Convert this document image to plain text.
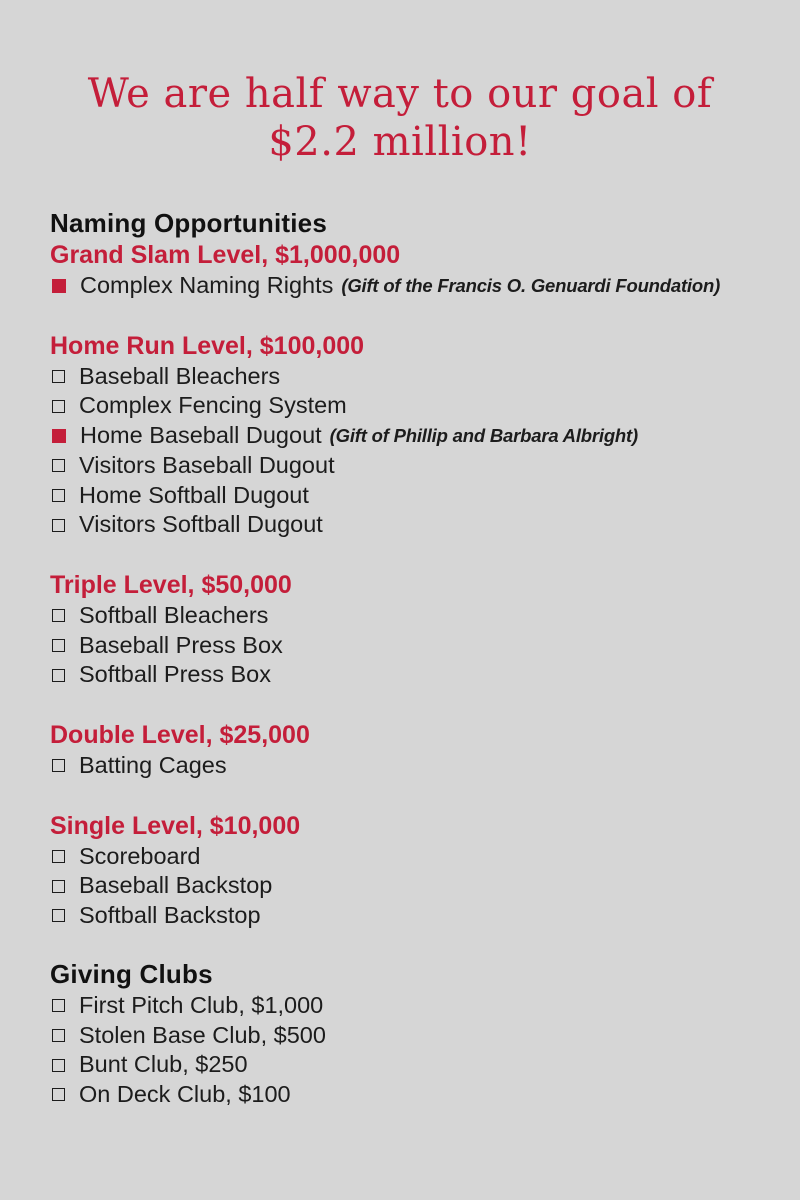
We are half way to our goal of
$2.2 million!
Naming Opportunities
Grand Slam Level, $1,000,000
Complex Naming Rights (Gift of the Francis O. Genuardi Foundation)
Home Run Level, $100,000
Baseball Bleachers
Complex Fencing System
Home Baseball Dugout (Gift of Phillip and Barbara Albright)
Visitors Baseball Dugout
Home Softball Dugout
Visitors Softball Dugout
Triple Level, $50,000
Softball Bleachers
Baseball Press Box
Softball Press Box
Double Level, $25,000
Batting Cages
Single Level, $10,000
Scoreboard
Baseball Backstop
Softball Backstop
Giving Clubs
First Pitch Club, $1,000
Stolen Base Club, $500
Bunt Club, $250
On Deck Club, $100
